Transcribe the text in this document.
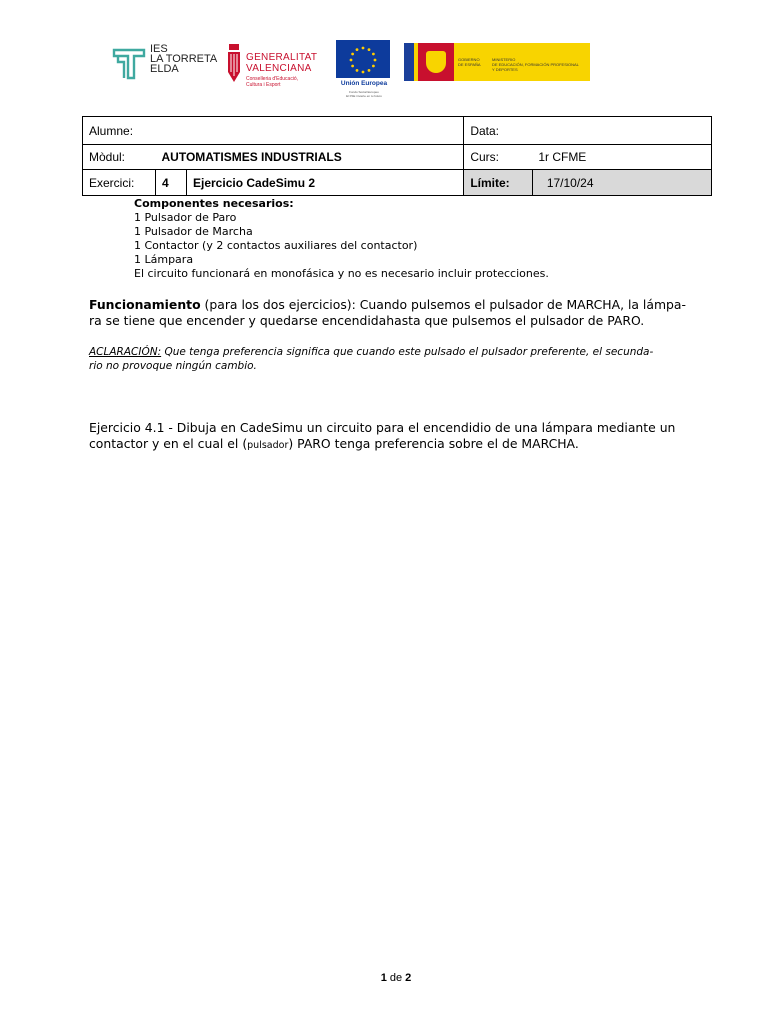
IES
LA TORRETA
ELDA
GENERALITAT
VALENCIANA
Conselleria d'Educació,
Cultura i Esport	Unión Europea
Fondo Social Europeo
El FSE invierte en tu futuro
GOBIERNO
DE ESPAÑA
MINISTERIO
DE EDUCACIÓN, FORMACIÓN PROFESIONAL
Y DEPORTES
Alumne:			Data:	
Mòdul:	AUTOMATISMES INDUSTRIALS		Curs:	1r CFME
Exercici:	4	Ejercicio CadeSimu 2	Límite:	17/10/24
Componentes necesarios:
1 Pulsador de Paro
1 Pulsador de Marcha
1 Contactor (y 2 contactos auxiliares del contactor)
1 Lámpara
El circuito funcionará en monofásica y no es necesario incluir protecciones.
Funcionamiento (para los dos ejercicios): Cuando pulsemos el pulsador de MARCHA, la lámpa-
ra se tiene que encender y quedarse encendidahasta que pulsemos el pulsador de PARO.
ACLARACIÓN: Que tenga preferencia significa que cuando este pulsado el pulsador preferente, el secunda-
rio no provoque ningún cambio.
Ejercicio 4.1 - Dibuja en CadeSimu un circuito para el encendidio de una lámpara mediante un
contactor y en el cual el (pulsador) PARO tenga preferencia sobre el de MARCHA.
1 de 2
